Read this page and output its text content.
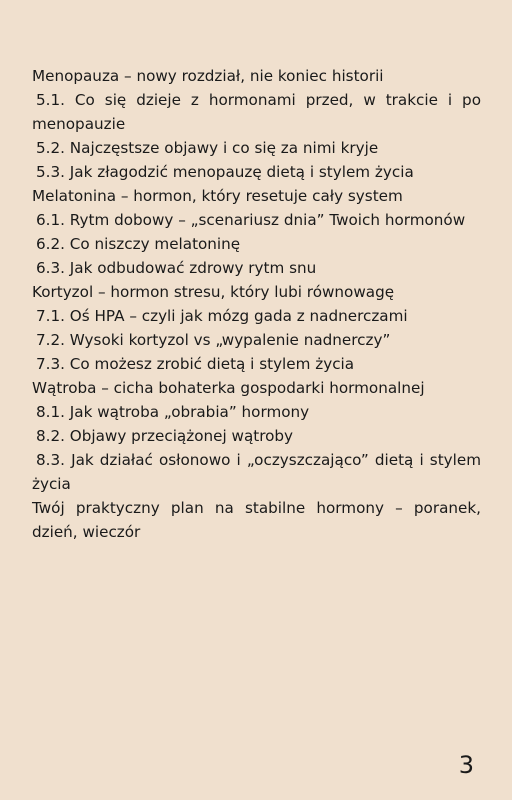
Menopauza – nowy rozdział, nie koniec historii

5.1. Co się dzieje z hormonami przed, w trakcie i po menopauzie

5.2. Najczęstsze objawy i co się za nimi kryje

5.3. Jak złagodzić menopauzę dietą i stylem życia

Melatonina – hormon, który resetuje cały system

6.1. Rytm dobowy – „scenariusz dnia” Twoich hormonów

6.2. Co niszczy melatoninę

6.3. Jak odbudować zdrowy rytm snu

Kortyzol – hormon stresu, który lubi równowagę

7.1. Oś HPA – czyli jak mózg gada z nadnerczami

7.2. Wysoki kortyzol vs „wypalenie nadnerczy”

7.3. Co możesz zrobić dietą i stylem życia

Wątroba – cicha bohaterka gospodarki hormonalnej

8.1. Jak wątroba „obrabia” hormony

8.2. Objawy przeciążonej wątroby

8.3. Jak działać osłonowo i „oczyszczająco” dietą i stylem życia

Twój praktyczny plan na stabilne hormony – poranek, dzień, wieczór

3
